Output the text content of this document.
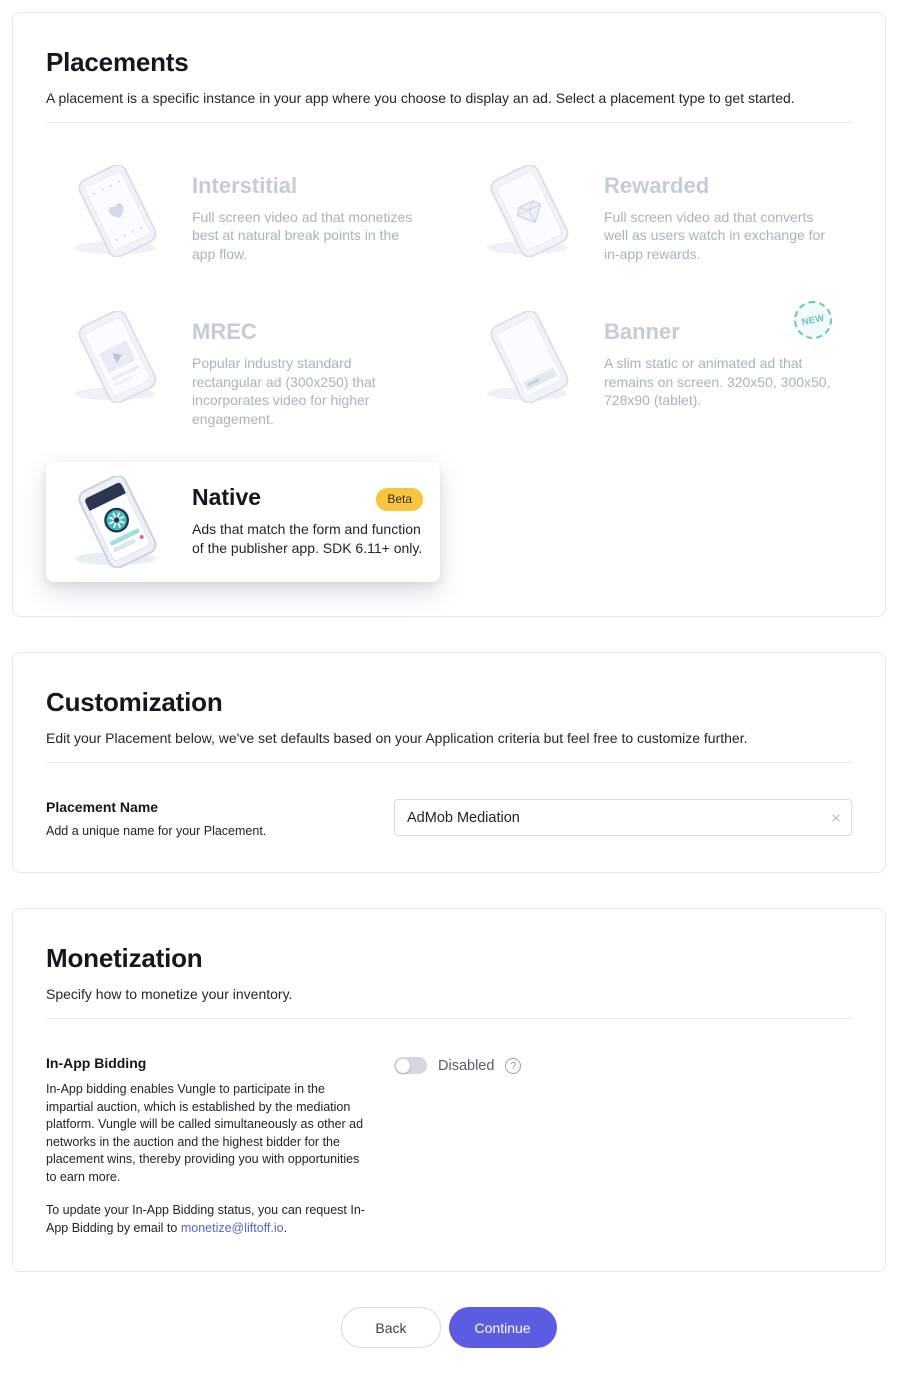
Placements

A placement is a specific instance in your app where you choose to display an ad. Select a placement type to get started.

Interstitial
Full screen video ad that monetizes best at natural break points in the app flow.
Rewarded
Full screen video ad that converts well as users watch in exchange for in-app rewards.
MREC
Popular industry standard rectangular ad (300x250) that incorporates video for higher engagement.
Banner
A slim static or animated ad that remains on screen. 320x50, 300x50, 728x90 (tablet).
NEW
Native
Ads that match the form and function of the publisher app. SDK 6.11+ only.
Beta
Customization

Edit your Placement below, we've set defaults based on your Application criteria but feel free to customize further.

Placement Name
Add a unique name for your Placement.
AdMob Mediation
×
Monetization

Specify how to monetize your inventory.

In-App Bidding

In-App bidding enables Vungle to participate in the impartial auction, which is established by the mediation platform. Vungle will be called simultaneously as other ad networks in the auction and the highest bidder for the placement wins, thereby providing you with opportunities to earn more.

To update your In-App Bidding status, you can request In-App Bidding by email to monetize@liftoff.io.

Disabled	?
Back	Continue
